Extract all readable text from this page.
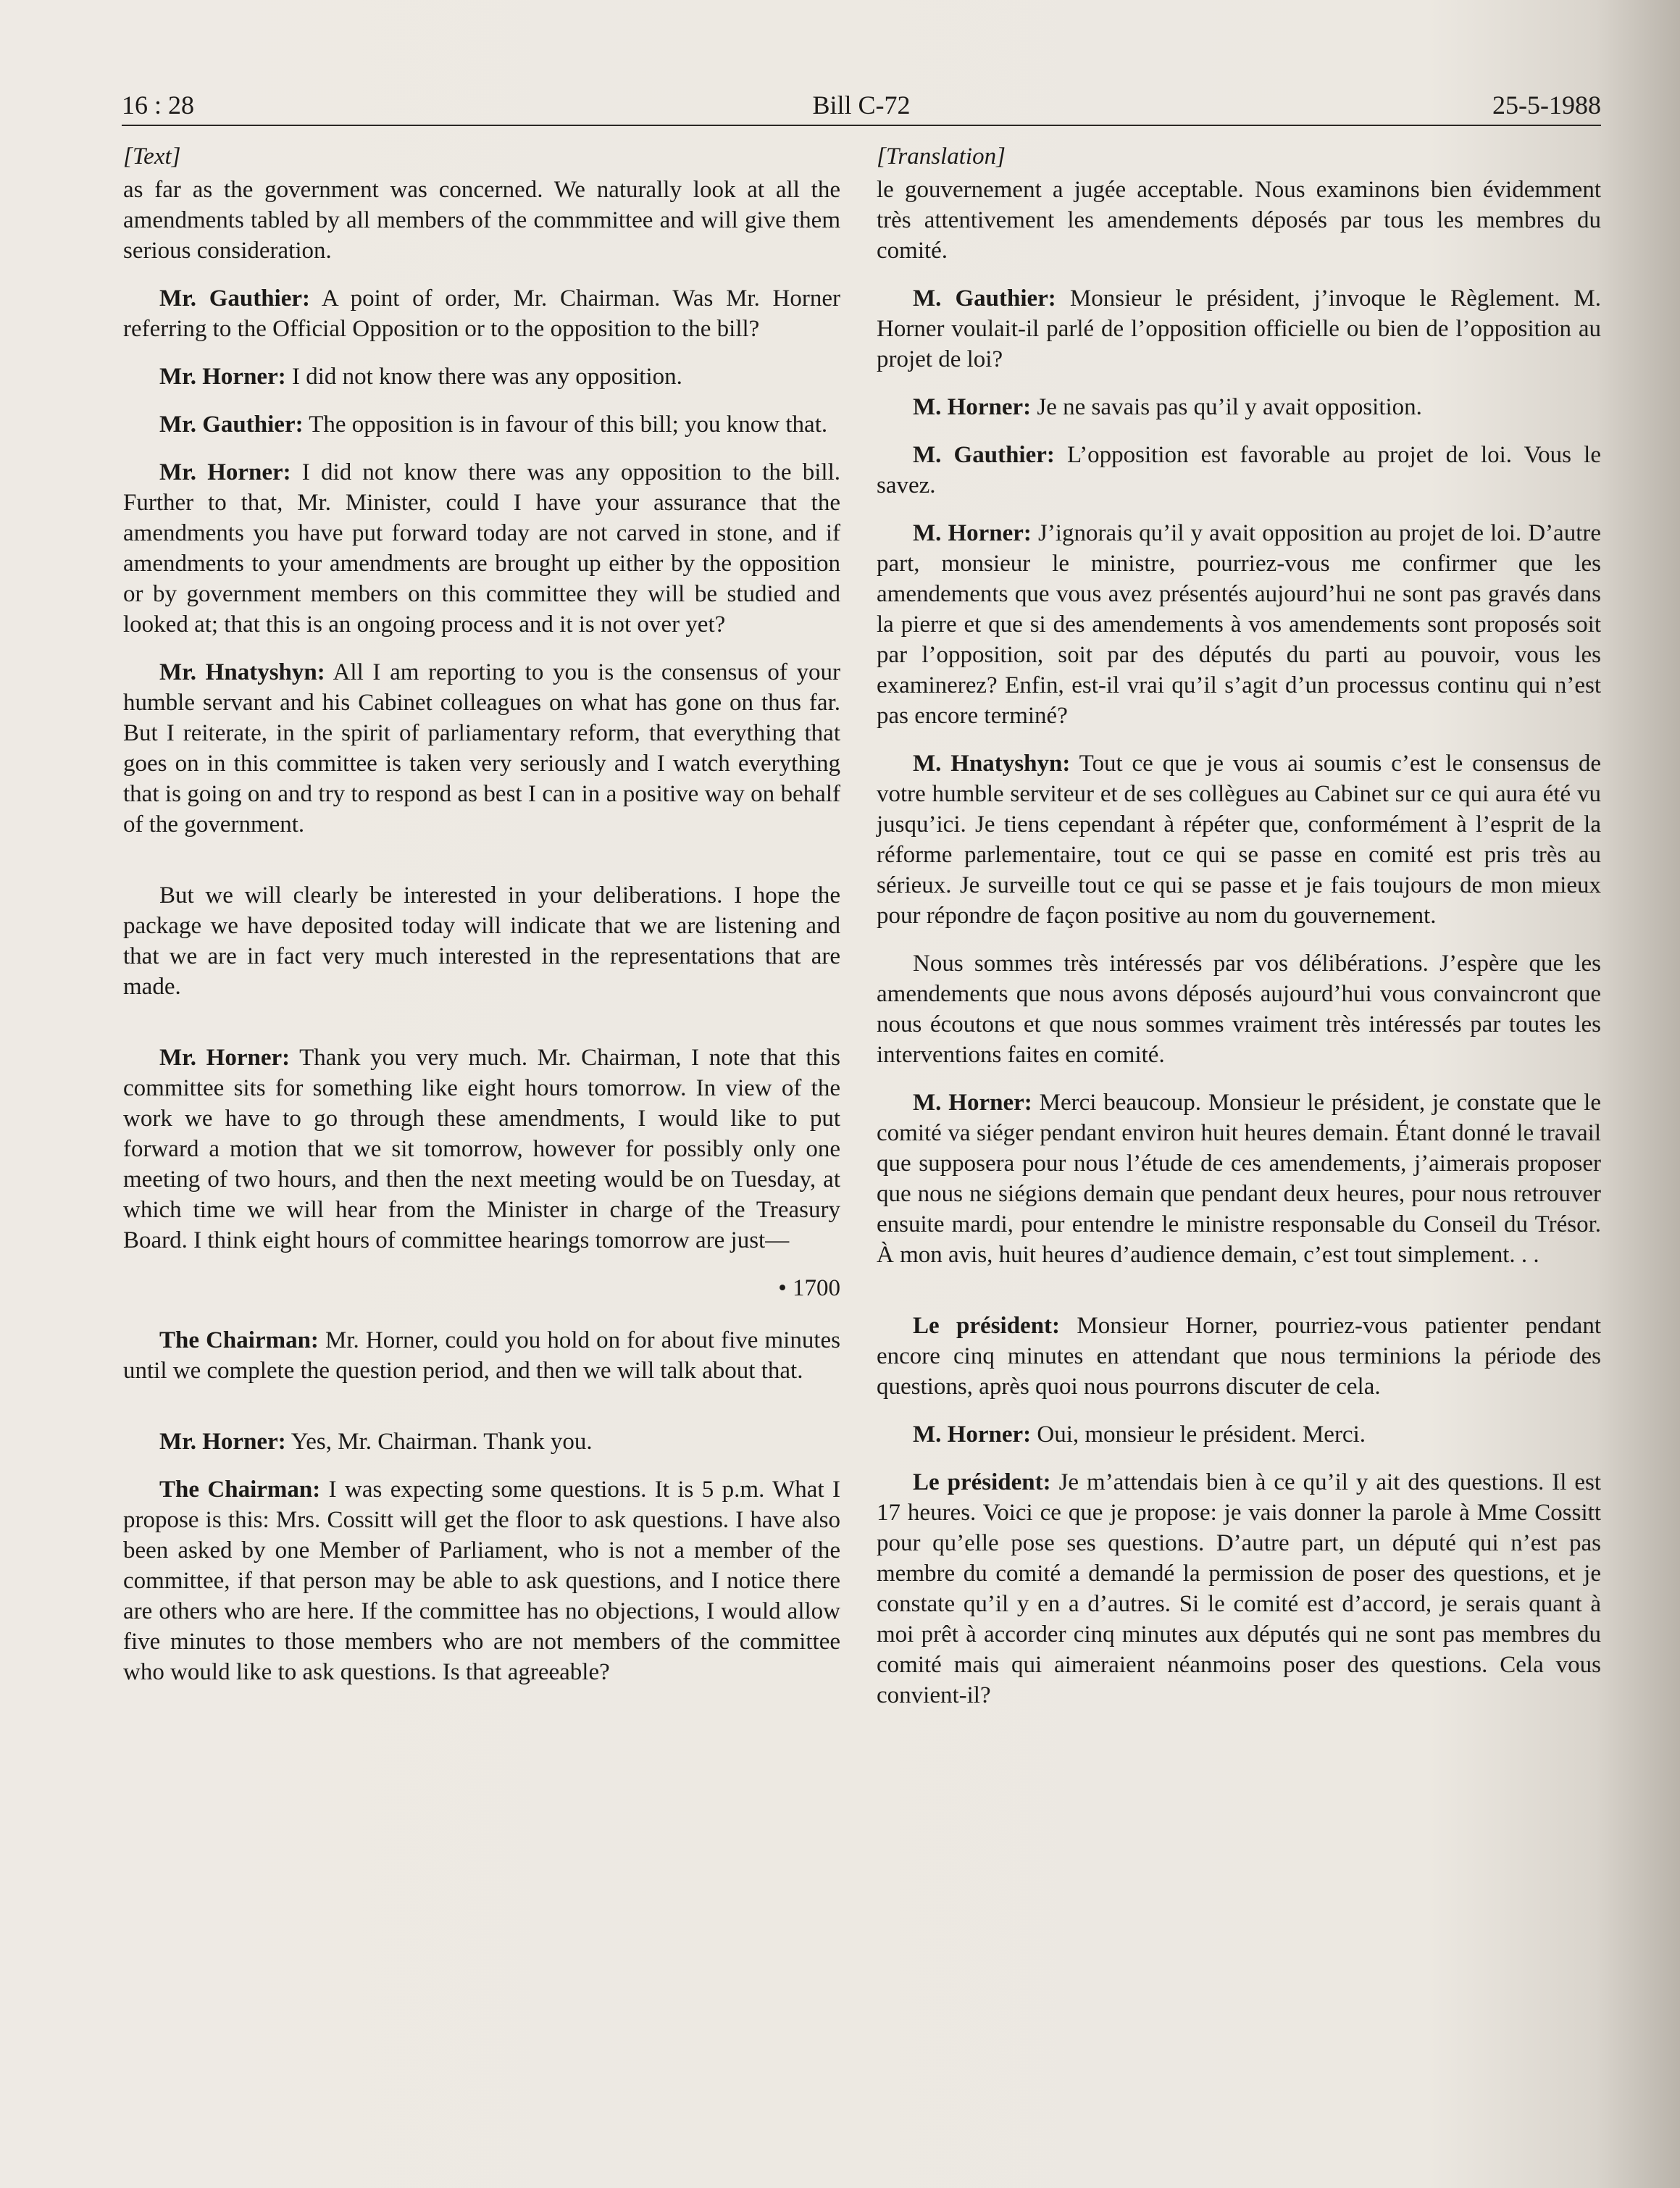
16 : 28	Bill C-72	25-5-1988
[Text]

as far as the government was concerned. We naturally look at all the amendments tabled by all members of the commmittee and will give them serious consideration.

Mr. Gauthier: A point of order, Mr. Chairman. Was Mr. Horner referring to the Official Opposition or to the opposition to the bill?

Mr. Horner: I did not know there was any opposition.

Mr. Gauthier: The opposition is in favour of this bill; you know that.

Mr. Horner: I did not know there was any opposition to the bill. Further to that, Mr. Minister, could I have your assurance that the amendments you have put forward today are not carved in stone, and if amendments to your amendments are brought up either by the opposition or by government members on this committee they will be studied and looked at; that this is an ongoing process and it is not over yet?

Mr. Hnatyshyn: All I am reporting to you is the consensus of your humble servant and his Cabinet colleagues on what has gone on thus far. But I reiterate, in the spirit of parliamentary reform, that everything that goes on in this committee is taken very seriously and I watch everything that is going on and try to respond as best I can in a positive way on behalf of the government.

But we will clearly be interested in your deliberations. I hope the package we have deposited today will indicate that we are listening and that we are in fact very much interested in the representations that are made.

Mr. Horner: Thank you very much. Mr. Chairman, I note that this committee sits for something like eight hours tomorrow. In view of the work we have to go through these amendments, I would like to put forward a motion that we sit tomorrow, however for possibly only one meeting of two hours, and then the next meeting would be on Tuesday, at which time we will hear from the Minister in charge of the Treasury Board. I think eight hours of committee hearings tomorrow are just—

• 1700

The Chairman: Mr. Horner, could you hold on for about five minutes until we complete the question period, and then we will talk about that.

Mr. Horner: Yes, Mr. Chairman. Thank you.

The Chairman: I was expecting some questions. It is 5 p.m. What I propose is this: Mrs. Cossitt will get the floor to ask questions. I have also been asked by one Member of Parliament, who is not a member of the committee, if that person may be able to ask questions, and I notice there are others who are here. If the committee has no objections, I would allow five minutes to those members who are not members of the committee who would like to ask questions. Is that agreeable?

[Translation]

le gouvernement a jugée acceptable. Nous examinons bien évidemment très attentivement les amendements déposés par tous les membres du comité.

M. Gauthier: Monsieur le président, j’invoque le Règlement. M. Horner voulait-il parlé de l’opposition officielle ou bien de l’opposition au projet de loi?

M. Horner: Je ne savais pas qu’il y avait opposition.

M. Gauthier: L’opposition est favorable au projet de loi. Vous le savez.

M. Horner: J’ignorais qu’il y avait opposition au projet de loi. D’autre part, monsieur le ministre, pourriez-vous me confirmer que les amendements que vous avez présentés aujourd’hui ne sont pas gravés dans la pierre et que si des amendements à vos amendements sont proposés soit par l’opposition, soit par des députés du parti au pouvoir, vous les examinerez? Enfin, est-il vrai qu’il s’agit d’un processus continu qui n’est pas encore terminé?

M. Hnatyshyn: Tout ce que je vous ai soumis c’est le consensus de votre humble serviteur et de ses collègues au Cabinet sur ce qui aura été vu jusqu’ici. Je tiens cependant à répéter que, conformément à l’esprit de la réforme parlementaire, tout ce qui se passe en comité est pris très au sérieux. Je surveille tout ce qui se passe et je fais toujours de mon mieux pour répondre de façon positive au nom du gouvernement.

Nous sommes très intéressés par vos délibérations. J’espère que les amendements que nous avons déposés aujourd’hui vous convaincront que nous écoutons et que nous sommes vraiment très intéressés par toutes les interventions faites en comité.

M. Horner: Merci beaucoup. Monsieur le président, je constate que le comité va siéger pendant environ huit heures demain. Étant donné le travail que supposera pour nous l’étude de ces amendements, j’aimerais proposer que nous ne siégions demain que pendant deux heures, pour nous retrouver ensuite mardi, pour entendre le ministre responsable du Conseil du Trésor. À mon avis, huit heures d’audience demain, c’est tout simplement. . .

Le président: Monsieur Horner, pourriez-vous patienter pendant encore cinq minutes en attendant que nous terminions la période des questions, après quoi nous pourrons discuter de cela.

M. Horner: Oui, monsieur le président. Merci.

Le président: Je m’attendais bien à ce qu’il y ait des questions. Il est 17 heures. Voici ce que je propose: je vais donner la parole à Mme Cossitt pour qu’elle pose ses questions. D’autre part, un député qui n’est pas membre du comité a demandé la permission de poser des questions, et je constate qu’il y en a d’autres. Si le comité est d’accord, je serais quant à moi prêt à accorder cinq minutes aux députés qui ne sont pas membres du comité mais qui aimeraient néanmoins poser des questions. Cela vous convient-il?
